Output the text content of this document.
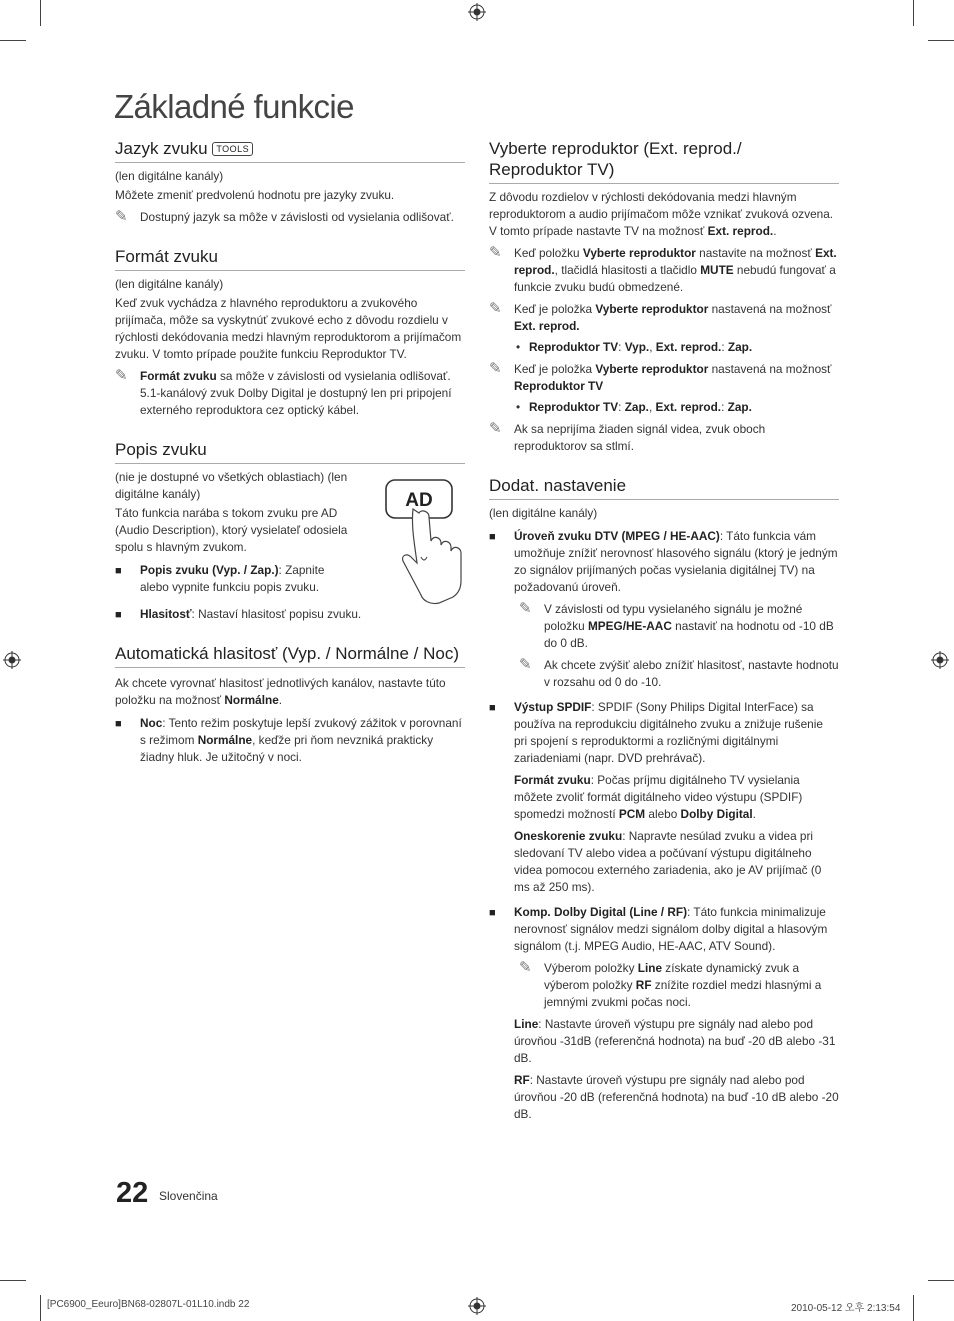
Základné funkcie
Jazyk zvuku TOOLS

(len digitálne kanály)

Môžete zmeniť predvolenú hodnotu pre jazyky zvuku.

✎ Dostupný jazyk sa môže v závislosti od vysielania odlišovať.
Formát zvuku

(len digitálne kanály)

Keď zvuk vychádza z hlavného reproduktoru a zvukového prijímača, môže sa vyskytnúť zvukové echo z dôvodu rozdielu v rýchlosti dekódovania medzi hlavným reproduktorom a prijímačom zvuku. V tomto prípade použite funkciu Reproduktor TV.

✎ Formát zvuku sa môže v závislosti od vysielania odlišovať. 5.1-kanálový zvuk Dolby Digital je dostupný len pri pripojení externého reproduktora cez optický kábel.
Popis zvuku

(nie je dostupné vo všetkých oblastiach) (len digitálne kanály)

Táto funkcia narába s tokom zvuku pre AD (Audio Description), ktorý vysielateľ odosiela spolu s hlavným zvukom.

■ Popis zvuku (Vyp. / Zap.): Zapnite alebo vypnite funkciu popis zvuku.
AD
■ Hlasitosť: Nastaví hlasitosť popisu zvuku.
Automatická hlasitosť (Vyp. / Normálne / Noc)

Ak chcete vyrovnať hlasitosť jednotlivých kanálov, nastavte túto položku na možnosť Normálne.

■ Noc: Tento režim poskytuje lepší zvukový zážitok v porovnaní s režimom Normálne, keďže pri ňom nevzniká prakticky žiadny hluk. Je užitočný v noci.
Vyberte reproduktor (Ext. reprod./ Reproduktor TV)

Z dôvodu rozdielov v rýchlosti dekódovania medzi hlavným reproduktorom a audio prijímačom môže vznikať zvuková ozvena. V tomto prípade nastavte TV na možnosť Ext. reprod..

✎ Keď položku Vyberte reproduktor nastavite na možnosť Ext. reprod., tlačidlá hlasitosti a tlačidlo MUTE nebudú fungovať a funkcie zvuku budú obmedzené.
✎ Keď je položka Vyberte reproduktor nastavená na možnosť Ext. reprod.
• Reproduktor TV: Vyp., Ext. reprod.: Zap.
✎ Keď je položka Vyberte reproduktor nastavená na možnosť Reproduktor TV
• Reproduktor TV: Zap., Ext. reprod.: Zap.
✎ Ak sa neprijíma žiaden signál videa, zvuk oboch reproduktorov sa stlmí.
Dodat. nastavenie

(len digitálne kanály)

■ Úroveň zvuku DTV (MPEG / HE-AAC): Táto funkcia vám umožňuje znížiť nerovnosť hlasového signálu (ktorý je jedným zo signálov prijímaných počas vysielania digitálnej TV) na požadovanú úroveň.
✎ V závislosti od typu vysielaného signálu je možné položku MPEG/HE-AAC nastaviť na hodnotu od -10 dB do 0 dB.
✎ Ak chcete zvýšiť alebo znížiť hlasitosť, nastavte hodnotu v rozsahu od 0 do -10.
■ Výstup SPDIF: SPDIF (Sony Philips Digital InterFace) sa používa na reprodukciu digitálneho zvuku a znižuje rušenie pri spojení s reproduktormi a rozličnými digitálnymi zariadeniami (napr. DVD prehrávač).

Formát zvuku: Počas príjmu digitálneho TV vysielania môžete zvoliť formát digitálneho video výstupu (SPDIF) spomedzi možností PCM alebo Dolby Digital.

Oneskorenie zvuku: Napravte nesúlad zvuku a videa pri sledovaní TV alebo videa a počúvaní výstupu digitálneho videa pomocou externého zariadenia, ako je AV prijímač (0 ms až 250 ms).

■ Komp. Dolby Digital (Line / RF): Táto funkcia minimalizuje nerovnosť signálov medzi signálom dolby digital a hlasovým signálom (t.j. MPEG Audio, HE-AAC, ATV Sound).
✎ Výberom položky Line získate dynamický zvuk a výberom položky RF znížite rozdiel medzi hlasnými a jemnými zvukmi počas noci.

Line: Nastavte úroveň výstupu pre signály nad alebo pod úrovňou -31dB (referenčná hodnota) na buď -20 dB alebo -31 dB.

RF: Nastavte úroveň výstupu pre signály nad alebo pod úrovňou -20 dB (referenčná hodnota) na buď -10 dB alebo -20 dB.

22 Slovenčina
[PC6900_Eeuro]BN68-02807L-01L10.indb 22	2010-05-12 오후 2:13:54
